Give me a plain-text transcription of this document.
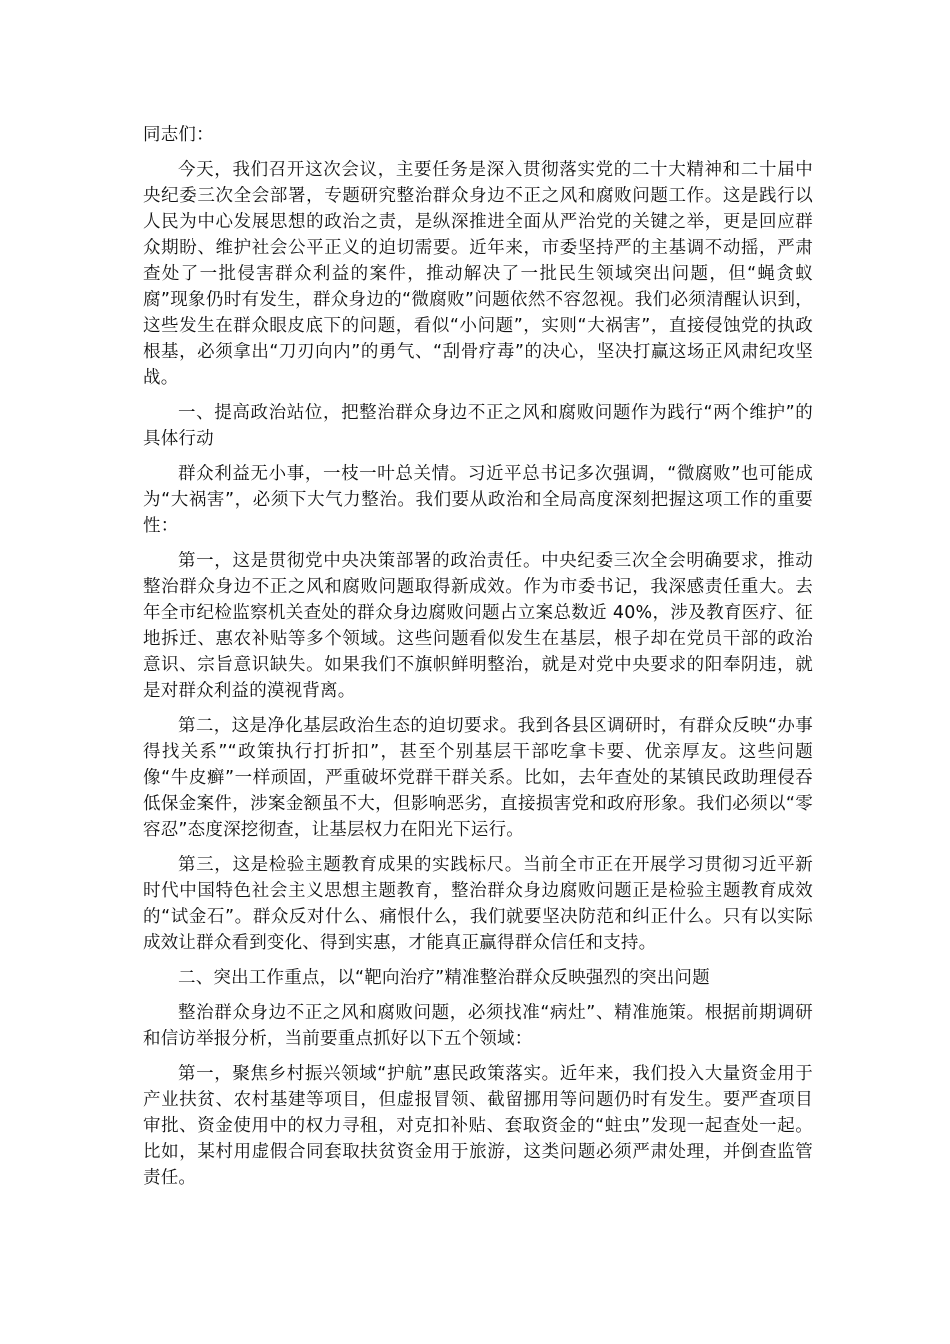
同志们：

今天，我们召开这次会议，主要任务是深入贯彻落实党的二十大精神和二十届中央纪委三次全会部署，专题研究整治群众身边不正之风和腐败问题工作。这是践行以人民为中心发展思想的政治之责，是纵深推进全面从严治党的关键之举，更是回应群众期盼、维护社会公平正义的迫切需要。近年来，市委坚持严的主基调不动摇，严肃查处了一批侵害群众利益的案件，推动解决了一批民生领域突出问题，但“蝇贪蚁腐”现象仍时有发生，群众身边的“微腐败”问题依然不容忽视。我们必须清醒认识到，这些发生在群众眼皮底下的问题，看似“小问题”，实则“大祸害”，直接侵蚀党的执政根基，必须拿出“刀刃向内”的勇气、“刮骨疗毒”的决心，坚决打赢这场正风肃纪攻坚战。

一、提高政治站位，把整治群众身边不正之风和腐败问题作为践行“两个维护”的具体行动

群众利益无小事，一枝一叶总关情。习近平总书记多次强调，“微腐败”也可能成为“大祸害”，必须下大气力整治。我们要从政治和全局高度深刻把握这项工作的重要性：

第一，这是贯彻党中央决策部署的政治责任。中央纪委三次全会明确要求，推动整治群众身边不正之风和腐败问题取得新成效。作为市委书记，我深感责任重大。去年全市纪检监察机关查处的群众身边腐败问题占立案总数近 40%，涉及教育医疗、征地拆迁、惠农补贴等多个领域。这些问题看似发生在基层，根子却在党员干部的政治意识、宗旨意识缺失。如果我们不旗帜鲜明整治，就是对党中央要求的阳奉阴违，就是对群众利益的漠视背离。

第二，这是净化基层政治生态的迫切要求。我到各县区调研时，有群众反映“办事得找关系”“政策执行打折扣”，甚至个别基层干部吃拿卡要、优亲厚友。这些问题像“牛皮癣”一样顽固，严重破坏党群干群关系。比如，去年查处的某镇民政助理侵吞低保金案件，涉案金额虽不大，但影响恶劣，直接损害党和政府形象。我们必须以“零容忍”态度深挖彻查，让基层权力在阳光下运行。

第三，这是检验主题教育成果的实践标尺。当前全市正在开展学习贯彻习近平新时代中国特色社会主义思想主题教育，整治群众身边腐败问题正是检验主题教育成效的“试金石”。群众反对什么、痛恨什么，我们就要坚决防范和纠正什么。只有以实际成效让群众看到变化、得到实惠，才能真正赢得群众信任和支持。

二、突出工作重点，以“靶向治疗”精准整治群众反映强烈的突出问题

整治群众身边不正之风和腐败问题，必须找准“病灶”、精准施策。根据前期调研和信访举报分析，当前要重点抓好以下五个领域：

第一，聚焦乡村振兴领域“护航”惠民政策落实。近年来，我们投入大量资金用于产业扶贫、农村基建等项目，但虚报冒领、截留挪用等问题仍时有发生。要严查项目审批、资金使用中的权力寻租，对克扣补贴、套取资金的“蛀虫”发现一起查处一起。比如，某村用虚假合同套取扶贫资金用于旅游，这类问题必须严肃处理，并倒查监管责任。
